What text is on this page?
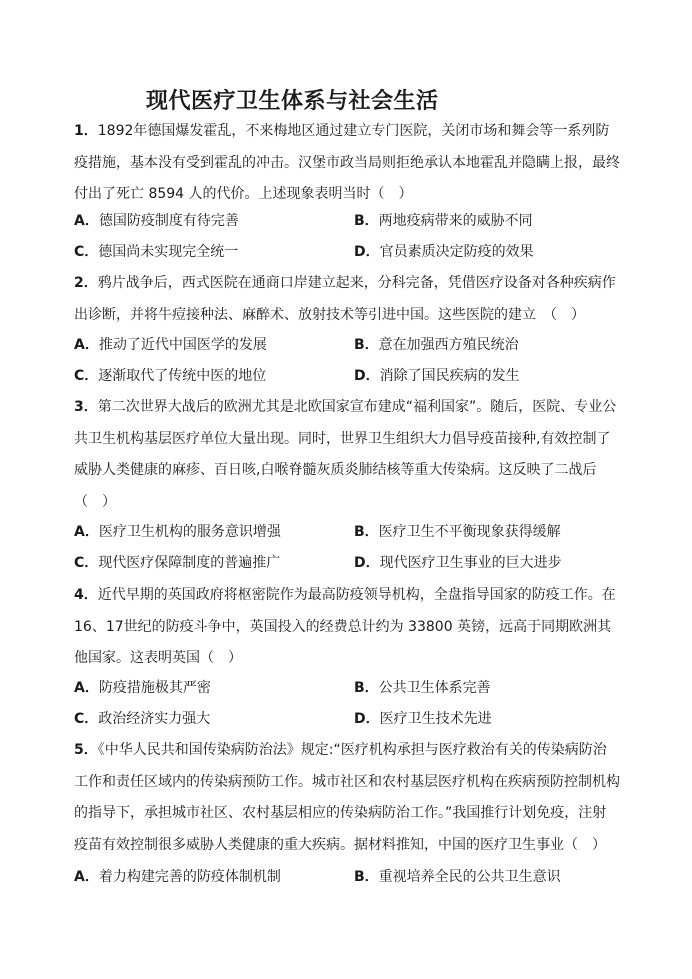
现代医疗卫生体系与社会生活

1．1892年德国爆发霍乱，不来梅地区通过建立专门医院，关闭市场和舞会等一系列防疫措施，基本没有受到霍乱的冲击。汉堡市政当局则拒绝承认本地霍乱并隐瞒上报，最终付出了死亡 8594 人的代价。上述现象表明当时（　）

A．德国防疫制度有待完善	B．两地疫病带来的威胁不同
C．德国尚未实现完全统一	D．官员素质决定防疫的效果

2．鸦片战争后，西式医院在通商口岸建立起来，分科完备，凭借医疗设备对各种疾病作出诊断，并将牛痘接种法、麻醉术、放射技术等引进中国。这些医院的建立　（　）

A．推动了近代中国医学的发展	B．意在加强西方殖民统治
C．逐渐取代了传统中医的地位	D．消除了国民疾病的发生

3．第二次世界大战后的欧洲尤其是北欧国家宣布建成“福利国家”。随后，医院、专业公共卫生机构基层医疗单位大量出现。同时，世界卫生组织大力倡导疫苗接种,有效控制了威胁人类健康的麻疹、百日咳,白喉脊髓灰质炎肺结核等重大传染病。这反映了二战后（　）

A．医疗卫生机构的服务意识增强	B．医疗卫生不平衡现象获得缓解
C．现代医疗保障制度的普遍推广	D．现代医疗卫生事业的巨大进步

4．近代早期的英国政府将枢密院作为最高防疫领导机构，全盘指导国家的防疫工作。在16、17世纪的防疫斗争中，英国投入的经费总计约为 33800 英镑，远高于同期欧洲其他国家。这表明英国（　）

A．防疫措施极其严密	B．公共卫生体系完善
C．政治经济实力强大	D．医疗卫生技术先进

5．《中华人民共和国传染病防治法》规定:“医疗机构承担与医疗救治有关的传染病防治工作和责任区域内的传染病预防工作。城市社区和农村基层医疗机构在疾病预防控制机构的指导下，承担城市社区、农村基层相应的传染病防治工作。”我国推行计划免疫，注射疫苗有效控制很多威胁人类健康的重大疾病。据材料推知，中国的医疗卫生事业（　）

A．着力构建完善的防疫体制机制	B．重视培养全民的公共卫生意识
